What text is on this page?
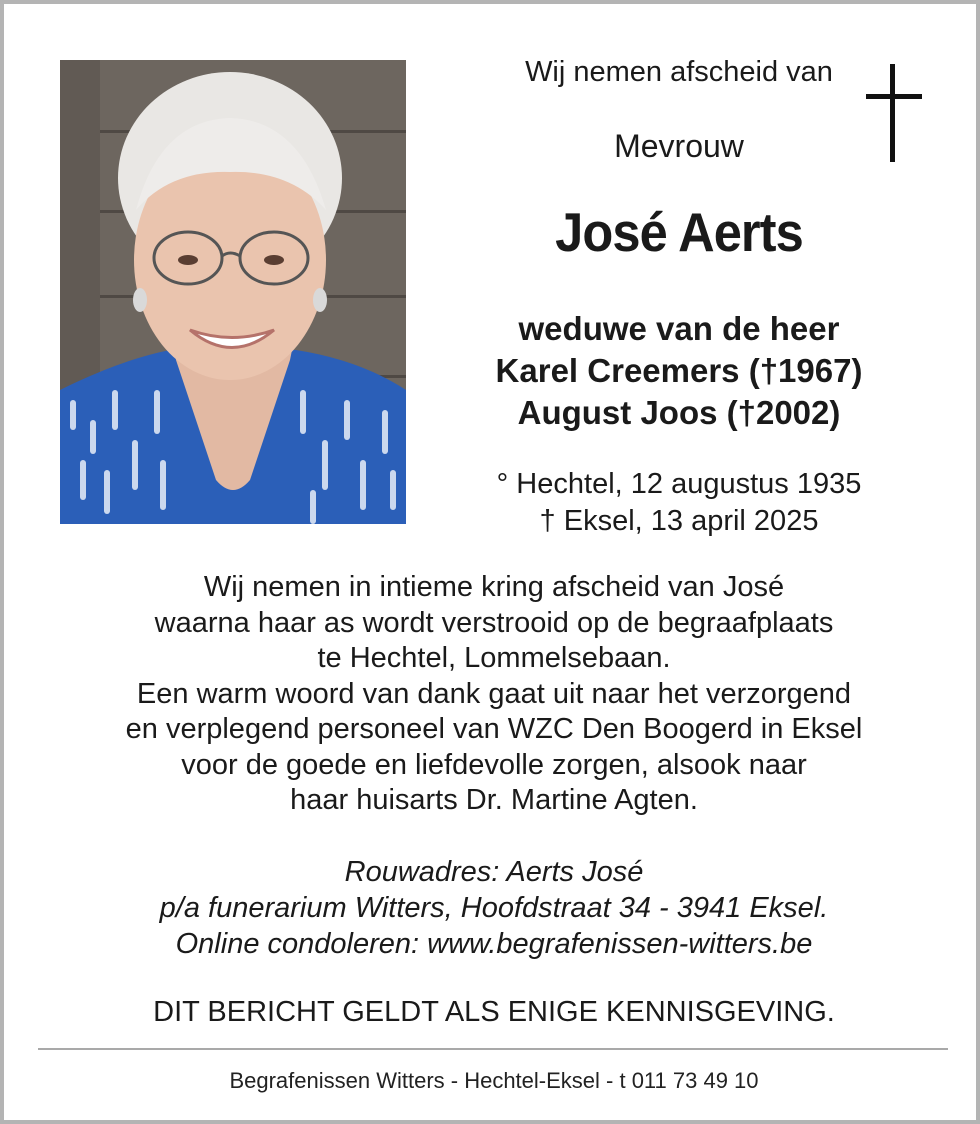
Wij nemen afscheid van
Mevrouw
José Aerts
weduwe van de heer
Karel Creemers (†1967)
August Joos (†2002)
° Hechtel, 12 augustus 1935
† Eksel, 13 april 2025
Wij nemen in intieme kring afscheid van José
waarna haar as wordt verstrooid op de begraafplaats
te Hechtel, Lommelsebaan.
Een warm woord van dank gaat uit naar het verzorgend
en verplegend personeel van WZC Den Boogerd in Eksel
voor de goede en liefdevolle zorgen, alsook naar
haar huisarts Dr. Martine Agten.
Rouwadres: Aerts José
p/a funerarium Witters, Hoofdstraat 34 - 3941 Eksel.
Online condoleren: www.begrafenissen-witters.be
DIT BERICHT GELDT ALS ENIGE KENNISGEVING.
Begrafenissen Witters - Hechtel-Eksel - t 011 73 49 10
